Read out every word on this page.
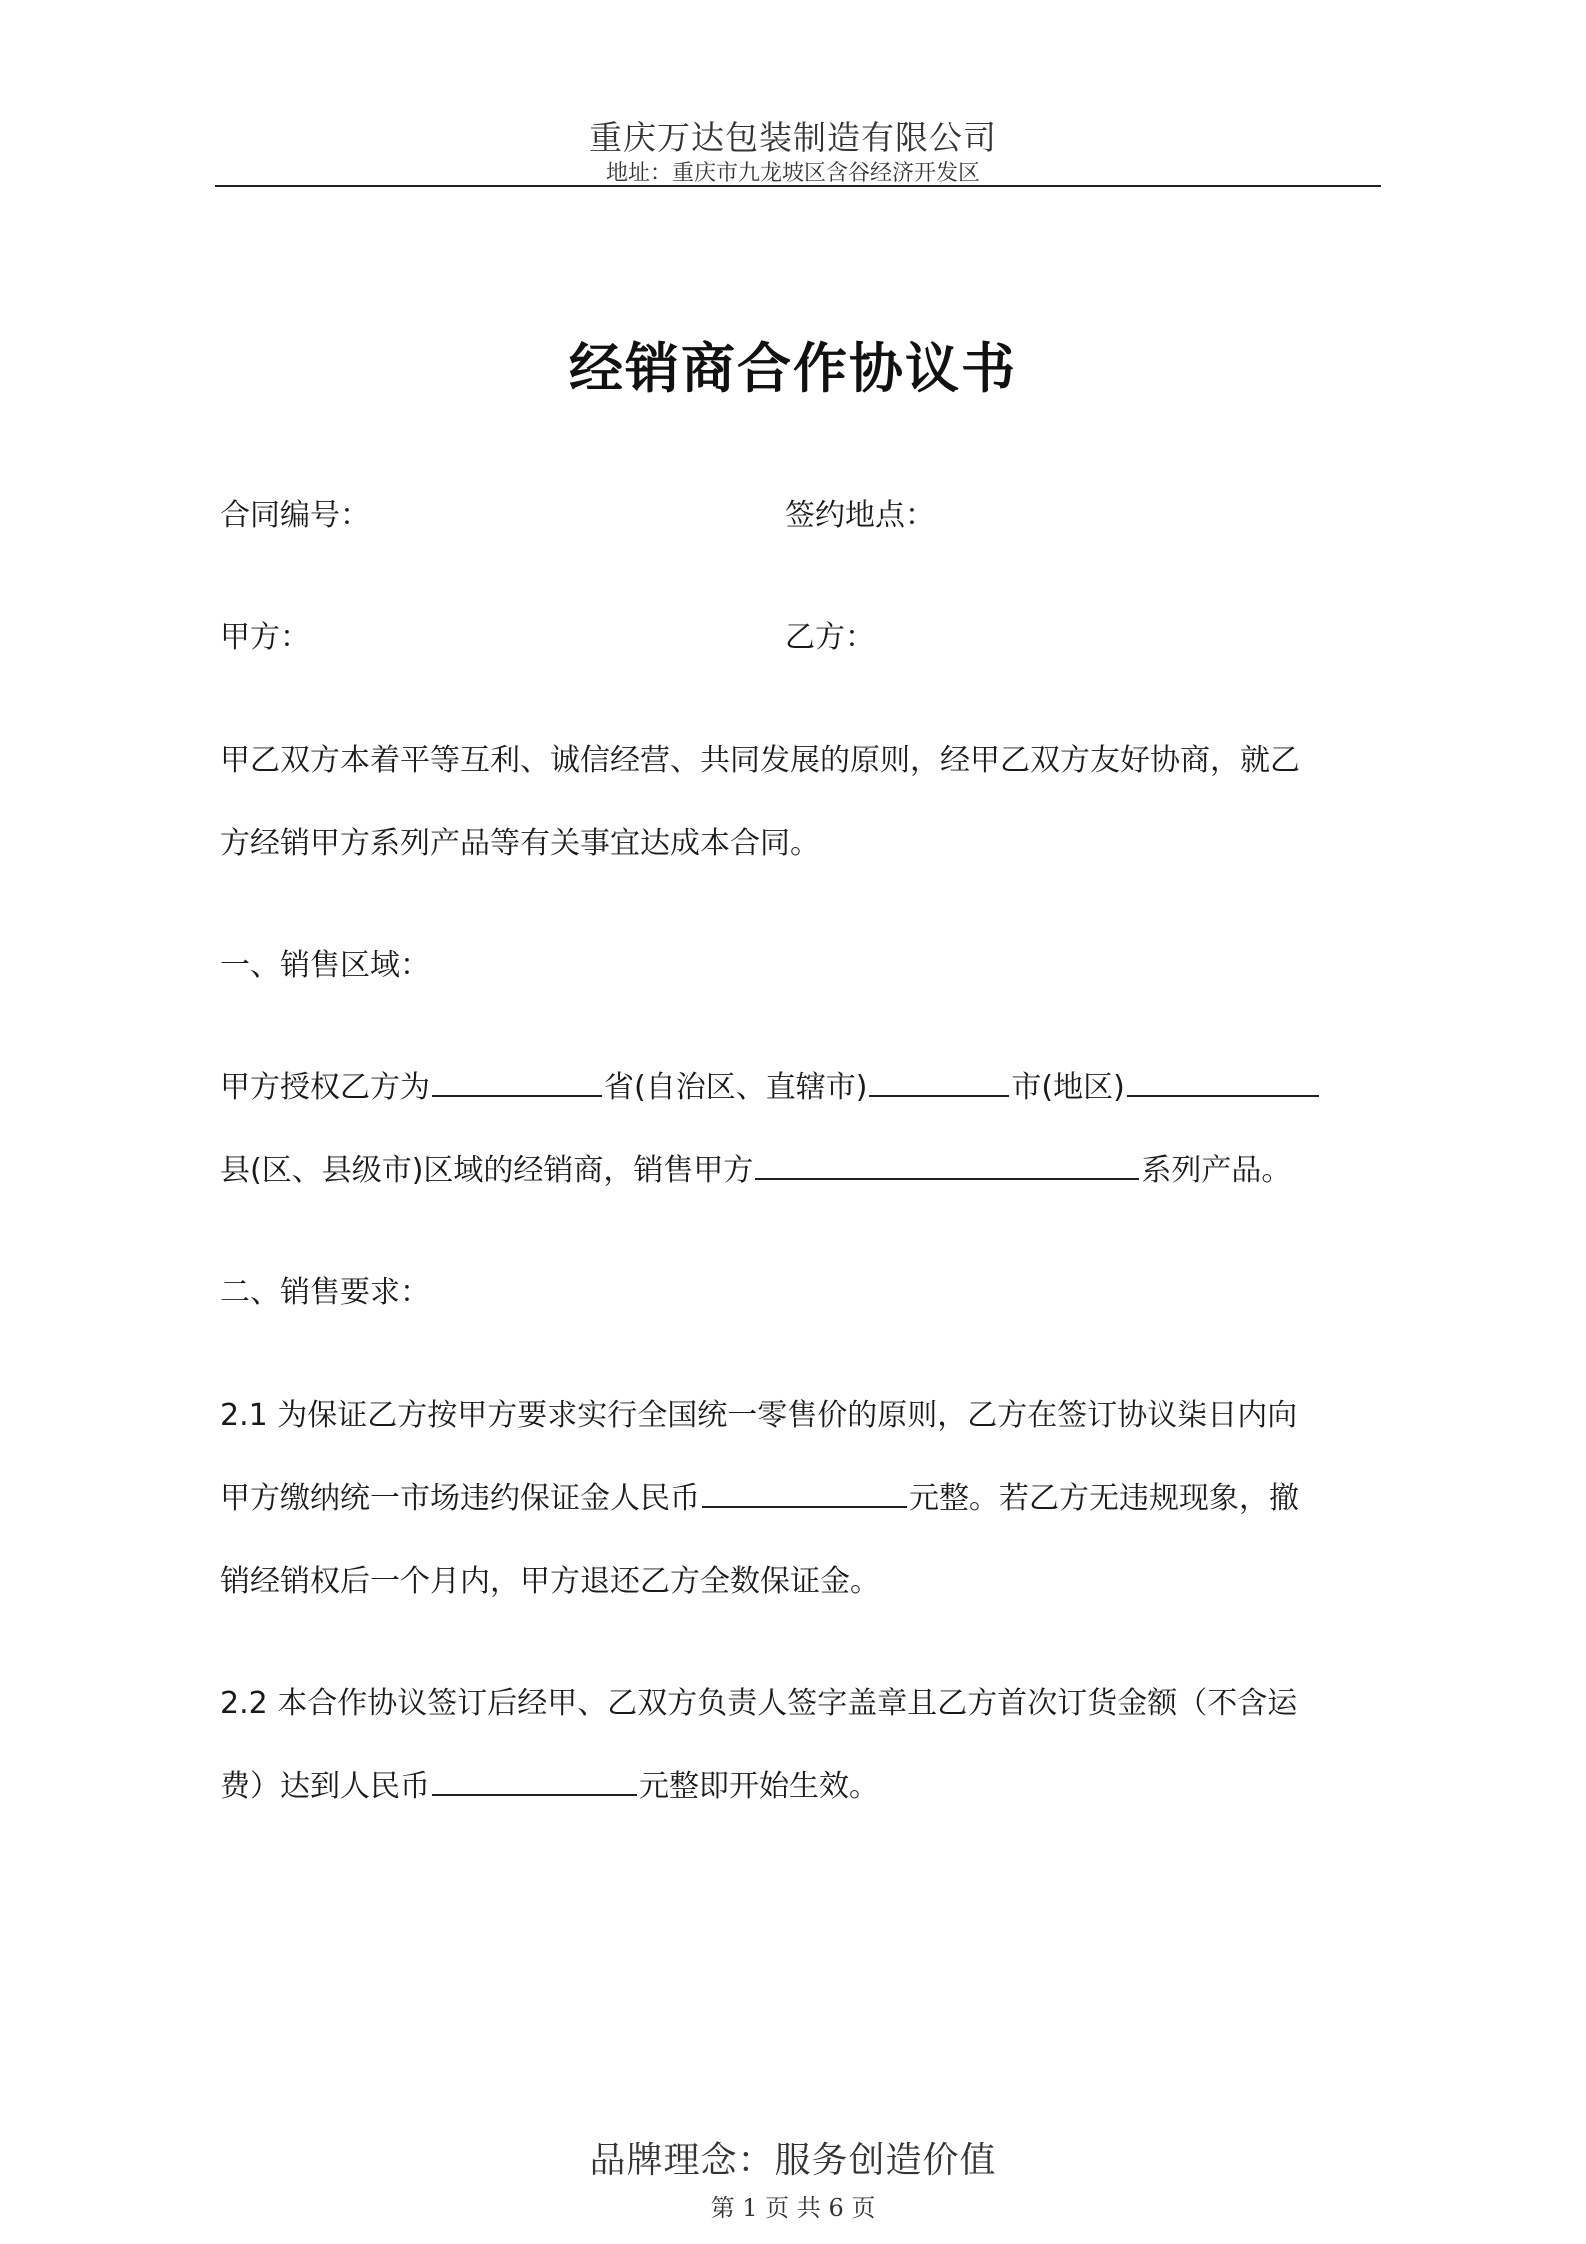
重庆万达包装制造有限公司
地址：重庆市九龙坡区含谷经济开发区
经销商合作协议书
合同编号：	签约地点：
甲方：	乙方：
甲乙双方本着平等互利、诚信经营、共同发展的原则，经甲乙双方友好协商，就乙
方经销甲方系列产品等有关事宜达成本合同。
一、销售区域：
甲方授权乙方为	省(自治区、直辖市)	市(地区)
县(区、县级市)区域的经销商，销售甲方	系列产品。
二、销售要求：
2.1 为保证乙方按甲方要求实行全国统一零售价的原则，乙方在签订协议柒日内向
甲方缴纳统一市场违约保证金人民币	元整。若乙方无违规现象，撤
销经销权后一个月内，甲方退还乙方全数保证金。
2.2 本合作协议签订后经甲、乙双方负责人签字盖章且乙方首次订货金额（不含运
费）达到人民币	元整即开始生效。
品牌理念：服务创造价值
第 1 页 共 6 页
